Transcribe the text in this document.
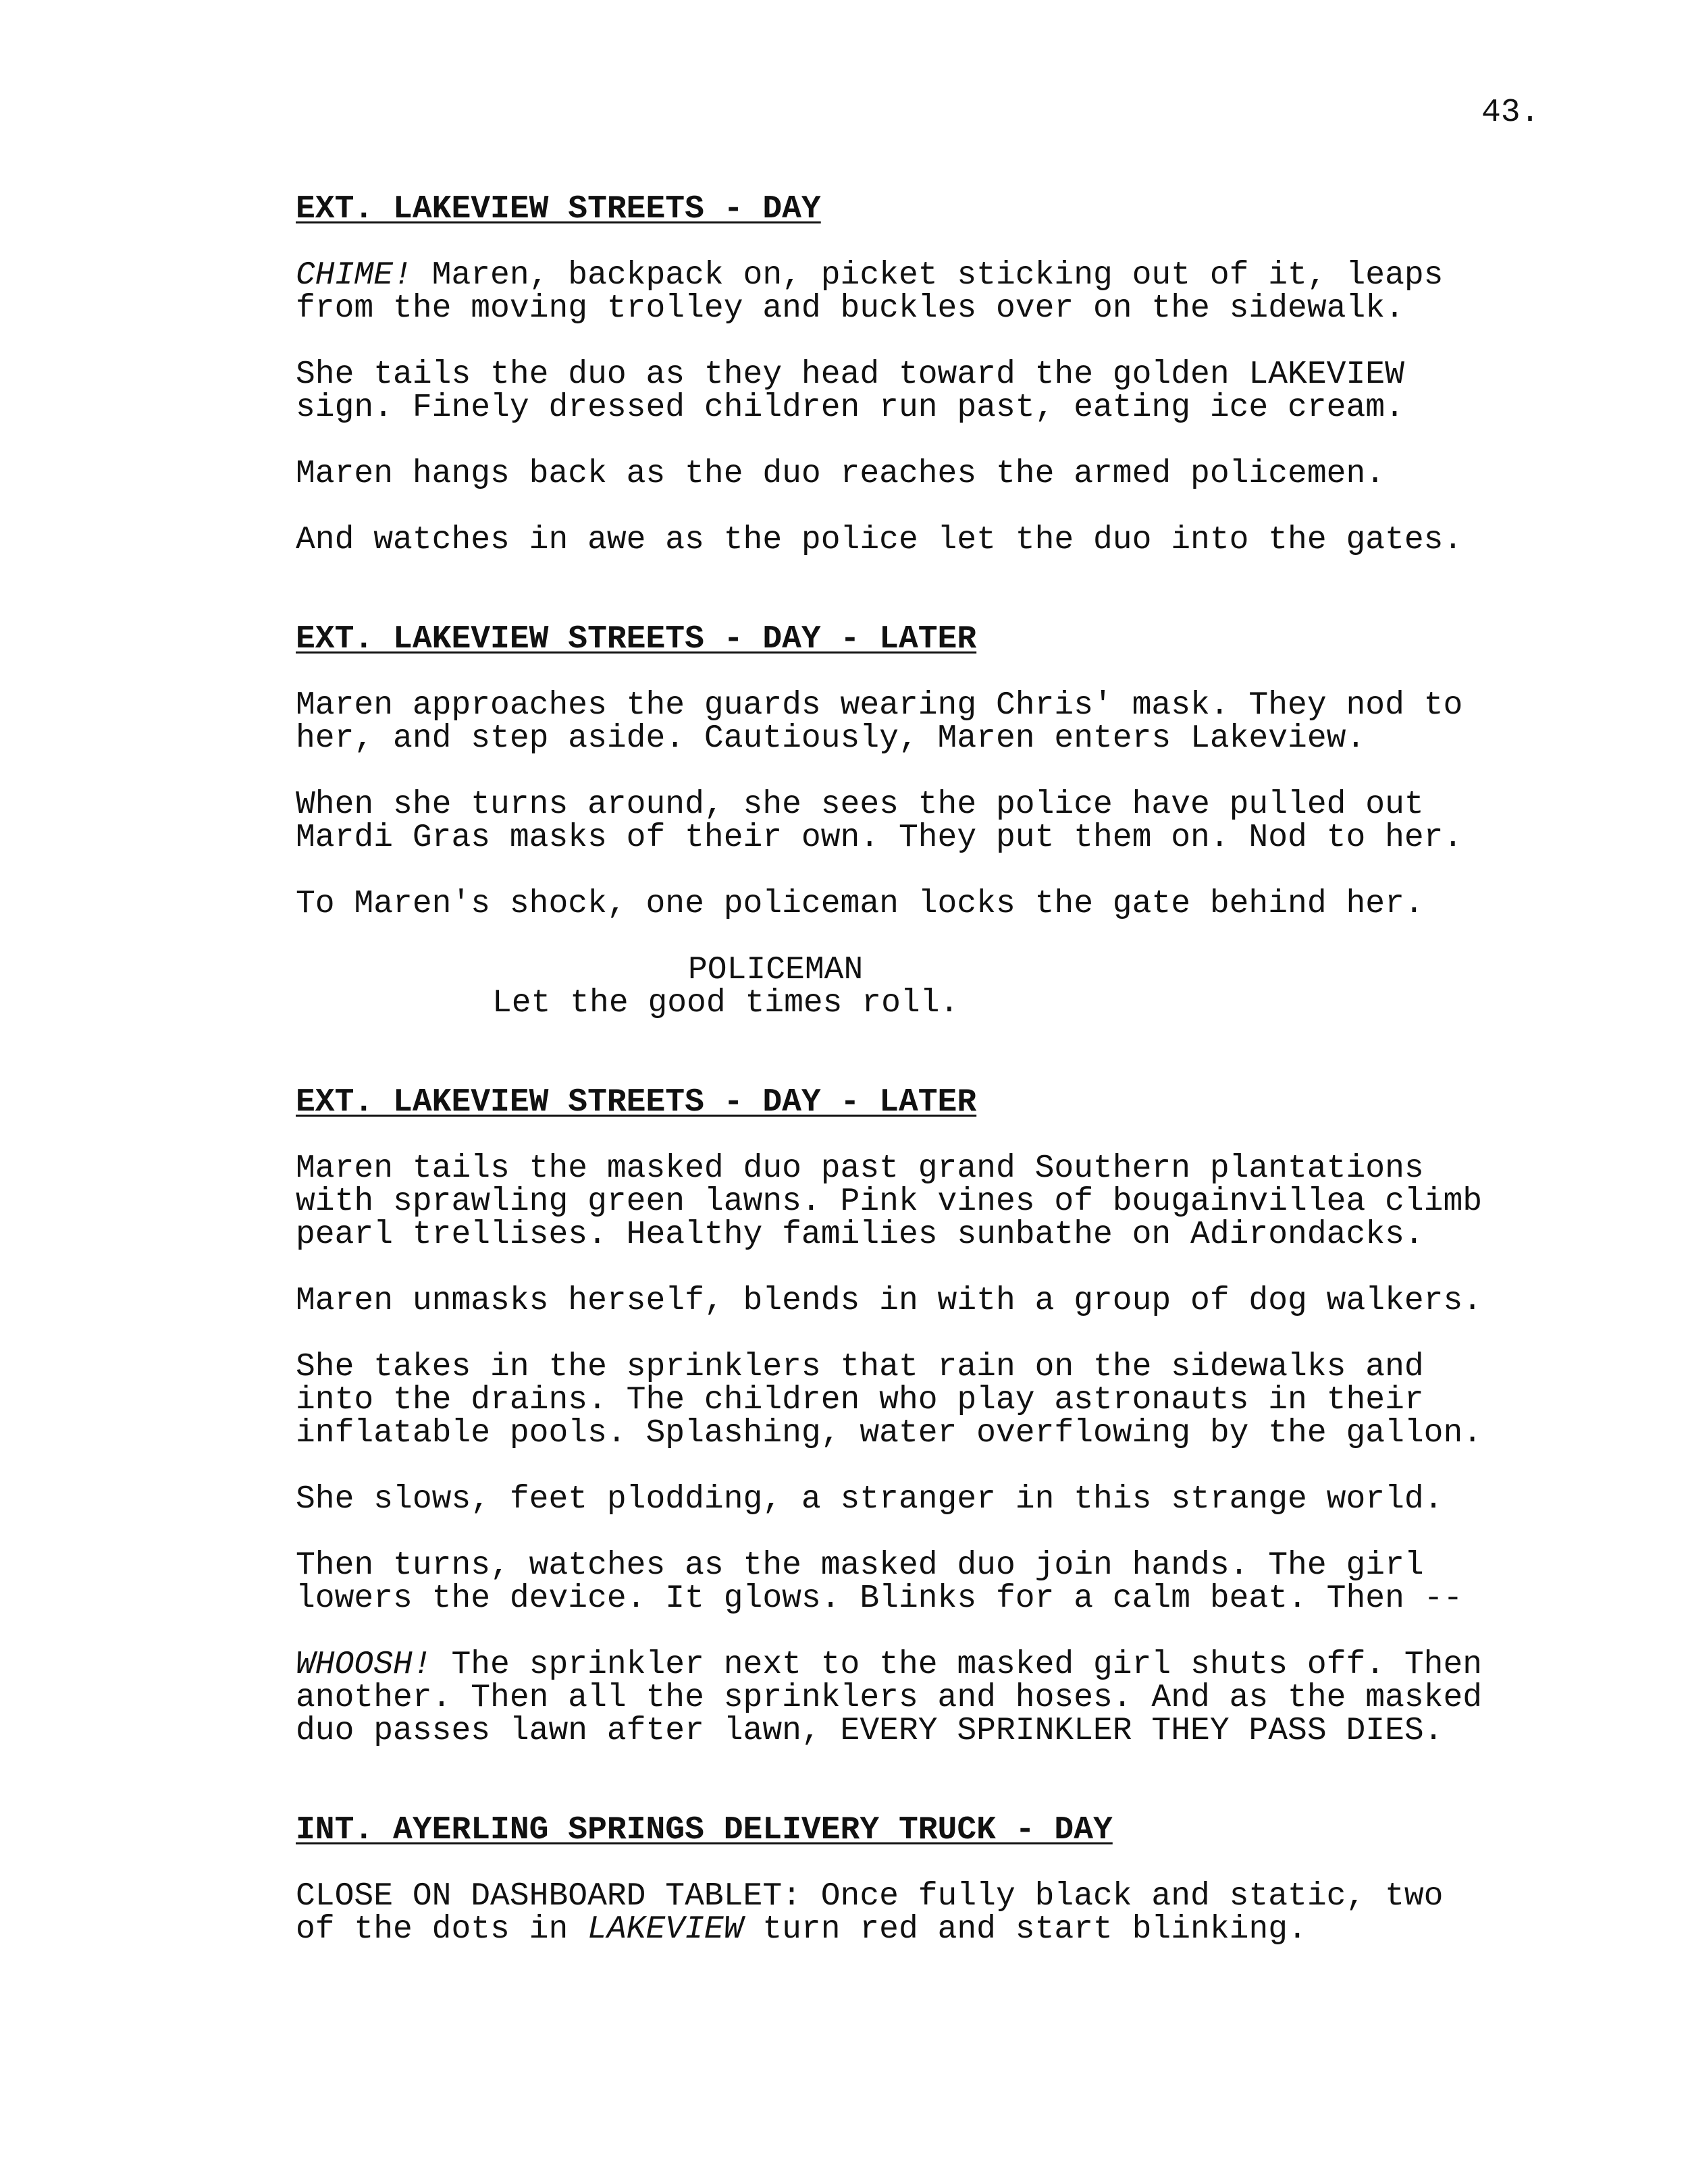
43.
EXT. LAKEVIEW STREETS - DAY
CHIME! Maren, backpack on, picket sticking out of it, leaps
from the moving trolley and buckles over on the sidewalk.
She tails the duo as they head toward the golden LAKEVIEW
sign. Finely dressed children run past, eating ice cream.
Maren hangs back as the duo reaches the armed policemen.
And watches in awe as the police let the duo into the gates.
EXT. LAKEVIEW STREETS - DAY - LATER
Maren approaches the guards wearing Chris' mask. They nod to
her, and step aside. Cautiously, Maren enters Lakeview.
When she turns around, she sees the police have pulled out
Mardi Gras masks of their own. They put them on. Nod to her.
To Maren's shock, one policeman locks the gate behind her.
POLICEMAN
Let the good times roll.
EXT. LAKEVIEW STREETS - DAY - LATER
Maren tails the masked duo past grand Southern plantations
with sprawling green lawns. Pink vines of bougainvillea climb
pearl trellises. Healthy families sunbathe on Adirondacks.
Maren unmasks herself, blends in with a group of dog walkers.
She takes in the sprinklers that rain on the sidewalks and
into the drains. The children who play astronauts in their
inflatable pools. Splashing, water overflowing by the gallon.
She slows, feet plodding, a stranger in this strange world.
Then turns, watches as the masked duo join hands. The girl
lowers the device. It glows. Blinks for a calm beat. Then --
WHOOSH! The sprinkler next to the masked girl shuts off. Then
another. Then all the sprinklers and hoses. And as the masked
duo passes lawn after lawn, EVERY SPRINKLER THEY PASS DIES.
INT. AYERLING SPRINGS DELIVERY TRUCK - DAY
CLOSE ON DASHBOARD TABLET: Once fully black and static, two
of the dots in LAKEVIEW turn red and start blinking.
